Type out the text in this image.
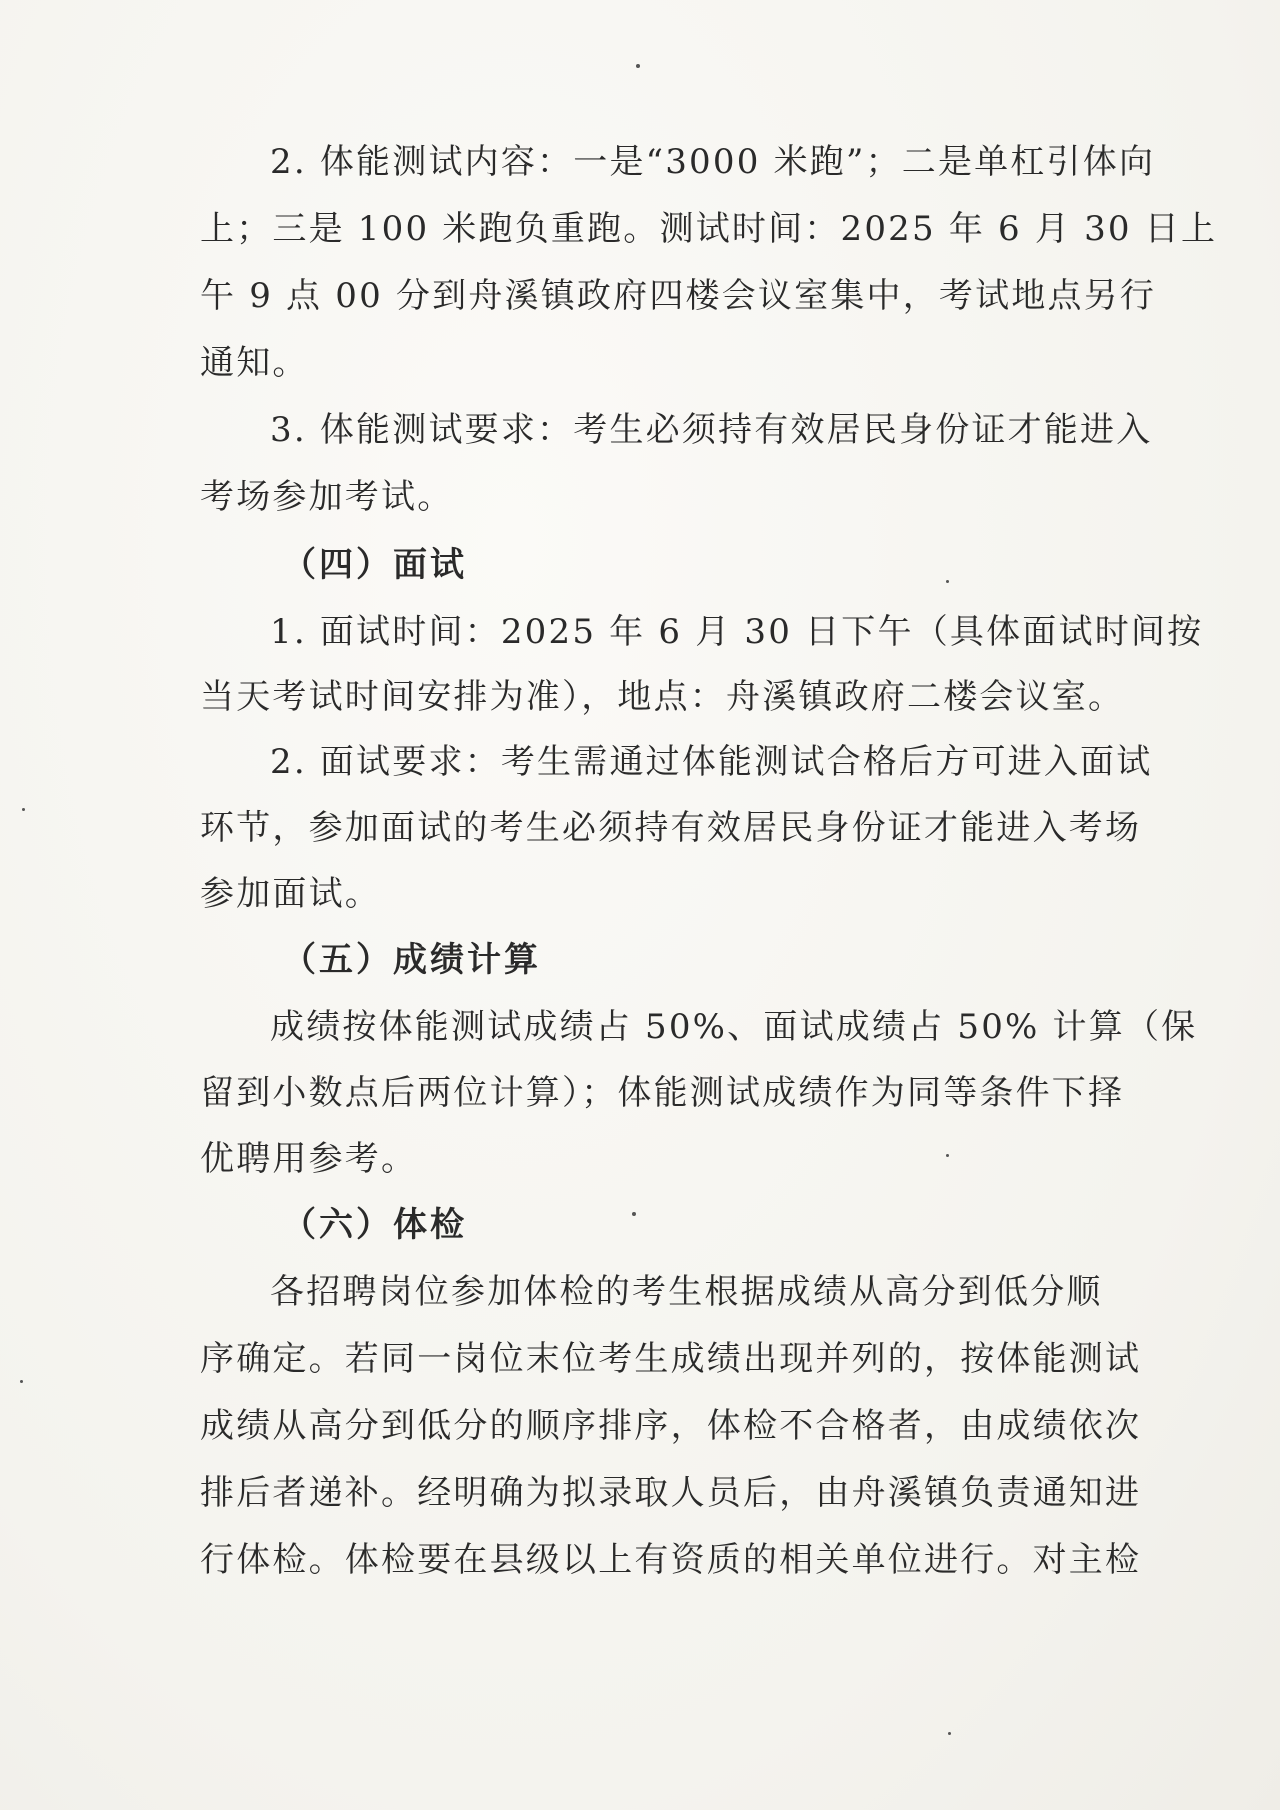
2. 体能测试内容：一是“3000 米跑”；二是单杠引体向
上；三是 100 米跑负重跑。测试时间：2025 年 6 月 30 日上
午 9 点 00 分到舟溪镇政府四楼会议室集中，考试地点另行
通知。
3. 体能测试要求：考生必须持有效居民身份证才能进入
考场参加考试。
（四）面试
1. 面试时间：2025 年 6 月 30 日下午（具体面试时间按
当天考试时间安排为准），地点：舟溪镇政府二楼会议室。
2. 面试要求：考生需通过体能测试合格后方可进入面试
环节，参加面试的考生必须持有效居民身份证才能进入考场
参加面试。
（五）成绩计算
成绩按体能测试成绩占 50%、面试成绩占 50% 计算（保
留到小数点后两位计算）；体能测试成绩作为同等条件下择
优聘用参考。
（六）体检
各招聘岗位参加体检的考生根据成绩从高分到低分顺
序确定。若同一岗位末位考生成绩出现并列的，按体能测试
成绩从高分到低分的顺序排序，体检不合格者，由成绩依次
排后者递补。经明确为拟录取人员后，由舟溪镇负责通知进
行体检。体检要在县级以上有资质的相关单位进行。对主检
